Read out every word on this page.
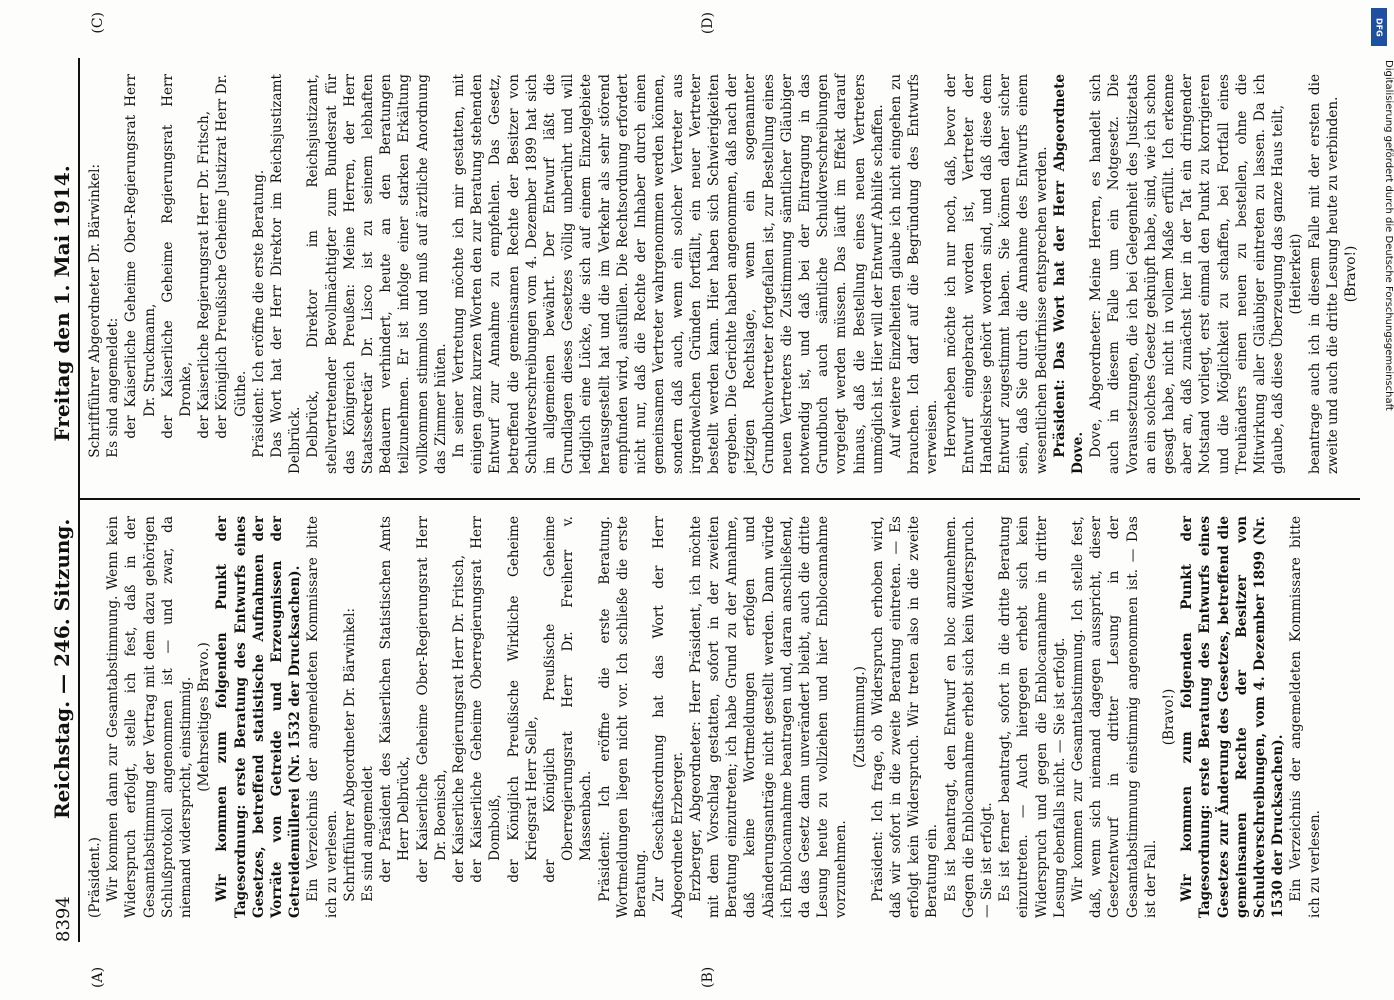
8394
Reichstag. — 246. Sitzung.
Freitag den 1. Mai 1914.
(A)	(B)
(C)	(D)

(Präsident.) Wir kommen dann zur Gesamtabstimmung. Wenn kein Widerspruch erfolgt, stelle ich fest, daß in der Gesamtabstimmung der Vertrag mit dem dazu gehörigen Schlußprotokoll angenommen ist — und zwar, da niemand widerspricht, einstimmig. (Mehrseitiges Bravo.) Wir kommen zum folgenden Punkt der Tagesordnung: erste Beratung des Entwurfs eines Gesetzes, betreffend statistische Aufnahmen der Vorräte von Getreide und Erzeugnissen der Getreidemüllerei (Nr. 1532 der Drucksachen). Ein Verzeichnis der angemeldeten Kommissare bitte ich zu verlesen. Schriftführer Abgeordneter Dr. Bärwinkel: Es sind angemeldet der Präsident des Kaiserlichen Statistischen Amts Herr Delbrück, der Kaiserliche Geheime Ober-Regierungsrat Herr Dr. Boenisch, der Kaiserliche Regierungsrat Herr Dr. Fritsch, der Kaiserliche Geheime Oberregierungsrat Herr Domboiß, der Königlich Preußische Wirkliche Geheime Kriegsrat Herr Selle, der Königlich Preußische Geheime Oberregierungsrat Herr Dr. Freiherr v. Massenbach. Präsident: Ich eröffne die erste Beratung. Wortmeldungen liegen nicht vor. Ich schließe die erste Beratung. Zur Geschäftsordnung hat das Wort der Herr Abgeordnete Erzberger. Erzberger, Abgeordneter: Herr Präsident, ich möchte mit dem Vorschlag gestatten, sofort in der zweiten Beratung einzutreten; ich habe Grund zu der Annahme, daß keine Wortmeldungen erfolgen und Abänderungsanträge nicht gestellt werden. Dann würde ich Enblocannahme beantragen und, daran anschließend, da das Gesetz dann unverändert bleibt, auch die dritte Lesung heute zu vollziehen und hier Enblocannahme vorzunehmen.

(Zustimmung.) Präsident: Ich frage, ob Widerspruch erhoben wird, daß wir sofort in die zweite Beratung eintreten. — Es erfolgt kein Widerspruch. Wir treten also in die zweite Beratung ein. Es ist beantragt, den Entwurf en bloc anzunehmen. Gegen die Enblocannahme erhebt sich kein Widerspruch. — Sie ist erfolgt. Es ist ferner beantragt, sofort in die dritte Beratung einzutreten. — Auch hiergegen erhebt sich kein Widerspruch und gegen die Enblocannahme in dritter Lesung ebenfalls nicht. — Sie ist erfolgt. Wir kommen zur Gesamtabstimmung. Ich stelle fest, daß, wenn sich niemand dagegen ausspricht, dieser Gesetzentwurf in dritter Lesung in der Gesamtabstimmung einstimmig angenommen ist. — Das ist der Fall.

(Bravo!) Wir kommen zum folgenden Punkt der Tagesordnung: erste Beratung des Entwurfs eines Gesetzes zur Änderung des Gesetzes, betreffend die gemeinsamen Rechte der Besitzer von Schuldverschreibungen, vom 4. Dezember 1899 (Nr. 1530 der Drucksachen). Ein Verzeichnis der angemeldeten Kommissare bitte ich zu verlesen.

Schriftführer Abgeordneter Dr. Bärwinkel: Es sind angemeldet: der Kaiserliche Geheime Ober-Regierungsrat Herr Dr. Struckmann, der Kaiserliche Geheime Regierungsrat Herr Dronke, der Kaiserliche Regierungsrat Herr Dr. Fritsch, der Königlich Preußische Geheime Justizrat Herr Dr. Güthe. Präsident: Ich eröffne die erste Beratung. Das Wort hat der Herr Direktor im Reichsjustizamt Delbrück. Delbrück, Direktor im Reichsjustizamt, stellvertretender Bevollmächtigter zum Bundesrat für das Königreich Preußen: Meine Herren, der Herr Staatssekretär Dr. Lisco ist zu seinem lebhaften Bedauern verhindert, heute an den Beratungen teilzunehmen. Er ist infolge einer starken Erkältung vollkommen stimmlos und muß auf ärztliche Anordnung das Zimmer hüten. In seiner Vertretung möchte ich mir gestatten, mit einigen ganz kurzen Worten den zur Beratung stehenden Entwurf zur Annahme zu empfehlen. Das Gesetz, betreffend die gemeinsamen Rechte der Besitzer von Schuldverschreibungen vom 4. Dezember 1899 hat sich im allgemeinen bewährt. Der Entwurf läßt die Grundlagen dieses Gesetzes völlig unberührt und will lediglich eine Lücke, die sich auf einem Einzelgebiete herausgestellt hat und die im Verkehr als sehr störend empfunden wird, ausfüllen. Die Rechtsordnung erfordert nicht nur, daß die Rechte der Inhaber durch einen gemeinsamen Vertreter wahrgenommen werden können, sondern daß auch, wenn ein solcher Vertreter aus irgendwelchen Gründen fortfällt, ein neuer Vertreter bestellt werden kann. Hier haben sich Schwierigkeiten ergeben. Die Gerichte haben angenommen, daß nach der jetzigen Rechtslage, wenn ein sogenannter Grundbuchvertreter fortgefallen ist, zur Bestellung eines neuen Vertreters die Zustimmung sämtlicher Gläubiger notwendig ist, und daß bei der Eintragung in das Grundbuch auch sämtliche Schuldverschreibungen vorgelegt werden müssen. Das läuft im Effekt darauf hinaus, daß die Bestellung eines neuen Vertreters unmöglich ist. Hier will der Entwurf Abhilfe schaffen. Auf weitere Einzelheiten glaube ich nicht eingehen zu brauchen. Ich darf auf die Begründung des Entwurfs verweisen. Hervorheben möchte ich nur noch, daß, bevor der Entwurf eingebracht worden ist, Vertreter der Handelskreise gehört worden sind, und daß diese dem Entwurf zugestimmt haben. Sie können daher sicher sein, daß Sie durch die Annahme des Entwurfs einem wesentlichen Bedürfnisse entsprechen werden. Präsident: Das Wort hat der Herr Abgeordnete Dove. Dove, Abgeordneter: Meine Herren, es handelt sich auch in diesem Falle um ein Notgesetz. Die Voraussetzungen, die ich bei Gelegenheit des Justizetats an ein solches Gesetz geknüpft habe, sind, wie ich schon gesagt habe, nicht in vollem Maße erfüllt. Ich erkenne aber an, daß zunächst hier in der Tat ein dringender Notstand vorliegt, erst einmal den Punkt zu korrigieren und die Möglichkeit zu schaffen, bei Fortfall eines Treuhänders einen neuen zu bestellen, ohne die Mitwirkung aller Gläubiger eintreten zu lassen. Da ich glaube, daß diese Überzeugung das ganze Haus teilt, (Heiterkeit) beantrage auch ich in diesem Falle mit der ersten die zweite und auch die dritte Lesung heute zu verbinden. (Bravo!)

DFG
Digitalisierung gefördert durch die Deutsche Forschungsgemeinschaft
